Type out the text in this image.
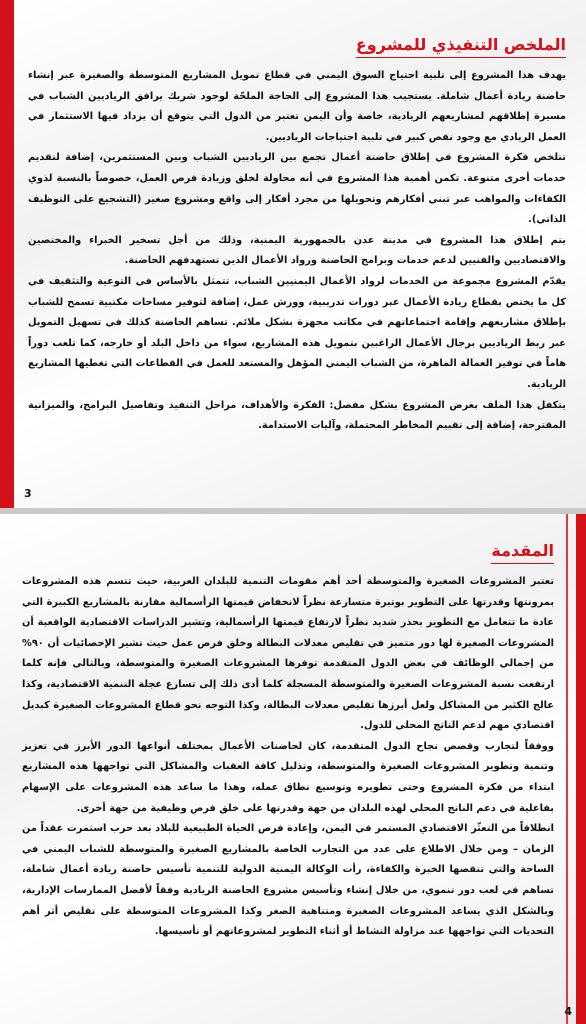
الملخص التنفيذي للمشروع

يهدف هذا المشروع إلى تلبية احتياج السوق اليمني في قطاع تمويل المشاريع المتوسطة والصغيرة عبر إنشاء حاضنة ريادة أعمال شاملة. يستجيب هذا المشروع إلى الحاجة الملحّة لوجود شريك يرافق الرياديين الشباب في مسيرة إطلاقهم لمشاريعهم الريادية، خاصة وأن اليمن تعتبر من الدول التي يتوقع أن يزداد فيها الاستثمار في العمل الريادي مع وجود نقص كبير في تلبية احتياجات الرياديين.

تتلخص فكرة المشروع في إطلاق حاضنة أعمال تجمع بين الرياديين الشباب وبين المستثمرين، إضافة لتقديم خدمات أخرى متنوعة. تكمن أهمية هذا المشروع في أنه محاولة لخلق وزيادة فرص العمل، خصوصاً بالنسبة لذوي الكفاءات والمواهب عبر تبني أفكارهم وتحويلها من مجرد أفكار إلى واقع ومشروع صغير (التشجيع على التوظيف الذاتي).

يتم إطلاق هذا المشروع في مدينة عدن بالجمهورية اليمنية، وذلك من أجل تسخير الخبراء والمختصين والاقتصاديين والفنيين لدعم خدمات وبرامج الحاضنة ورواد الأعمال الذين تستهدفهم الحاضنة.

يقدّم المشروع مجموعة من الخدمات لرواد الأعمال اليمنيين الشباب، تتمثل بالأساس في التوعية والتثقيف في كل ما يختص بقطاع ريادة الأعمال عبر دورات تدريبية، وورش عمل، إضافة لتوفير مساحات مكتبية تسمح للشباب بإطلاق مشاريعهم وإقامة اجتماعاتهم في مكاتب مجهزة بشكل ملائم. تساهم الحاضنة كذلك في تسهيل التمويل عبر ربط الرياديين برجال الأعمال الراغبين بتمويل هذه المشاريع، سواء من داخل البلد أو خارجه، كما تلعب دوراً هاماً في توفير العمالة الماهرة، من الشباب اليمني المؤهل والمستعد للعمل في القطاعات التي تغطيها المشاريع الريادية.

يتكفل هذا الملف بعرض المشروع بشكل مفصل: الفكرة والأهداف، مراحل التنفيذ وتفاصيل البرامج، والميزانية المقترحة، إضافة إلى تقييم المخاطر المحتملة، وآليات الاستدامة.

3
المقدمة

تعتبر المشروعات الصغيرة والمتوسطة أحد أهم مقومات التنمية للبلدان العربية، حيث تتسم هذه المشروعات بمرونتها وقدرتها على التطوير بوتيرة متسارعة نظراً لانخفاض قيمتها الرأسمالية مقارنة بالمشاريع الكبيرة التي عادة ما تتعامل مع التطوير بحذر شديد نظراً لارتفاع قيمتها الرأسمالية، وتشير الدراسات الاقتصادية الواقعية أن المشروعات الصغيرة لها دور متميز في تقليص معدلات البطالة وخلق فرص عمل حيث تشير الإحصائيات أن ٩٠% من إجمالي الوظائف في بعض الدول المتقدمة توفرها المشروعات الصغيرة والمتوسطة، وبالتالي فإنه كلما ارتفعت نسبة المشروعات الصغيرة والمتوسطة المسجلة كلما أدى ذلك إلى تسارع عجلة التنمية الاقتصادية، وكذا عالج الكثير من المشاكل ولعل أبرزها تقليص معدلات البطالة، وكذا التوجه نحو قطاع المشروعات الصغيرة كبديل اقتصادي مهم لدعم الناتج المحلي للدول.

ووفقاً لتجارب وقصص نجاح الدول المتقدمة، كان لحاضنات الأعمال بمختلف أنواعها الدور الأبرز في تعزيز وتنمية وتطوير المشروعات الصغيرة والمتوسطة، وتذليل كافة العقبات والمشاكل التي تواجهها هذه المشاريع ابتداء من فكرة المشروع وحتى تطويره وتوسيع نطاق عمله، وهذا ما ساعد هذه المشروعات على الإسهام بفاعلية في دعم الناتج المحلي لهذه البلدان من جهة وقدرتها على خلق فرص وظيفية من جهة أخرى.

انطلاقاً من التعثّر الاقتصادي المستمر في اليمن، وإعادة فرص الحياة الطبيعية للبلاد بعد حرب استمرت عقداً من الزمان – ومن خلال الاطلاع على عدد من التجارب الخاصة بالمشاريع الصغيرة والمتوسطة للشباب اليمني في الساحة والتي تنقصها الخبرة والكفاءة، رأت الوكالة اليمنية الدولية للتنمية تأسيس حاضنة ريادة أعمال شاملة، تساهم في لعب دور تنموي، من خلال إنشاء وتأسيس مشروع الحاضنة الريادية وفقاً لأفضل الممارسات الإدارية، وبالشكل الذي يساعد المشروعات الصغيرة ومتناهية الصغر وكذا المشروعات المتوسطة على تقليص أثر أهم التحديات التي تواجهها عند مزاولة النشاط أو أثناء التطوير لمشروعاتهم أو تأسيسها.

4
